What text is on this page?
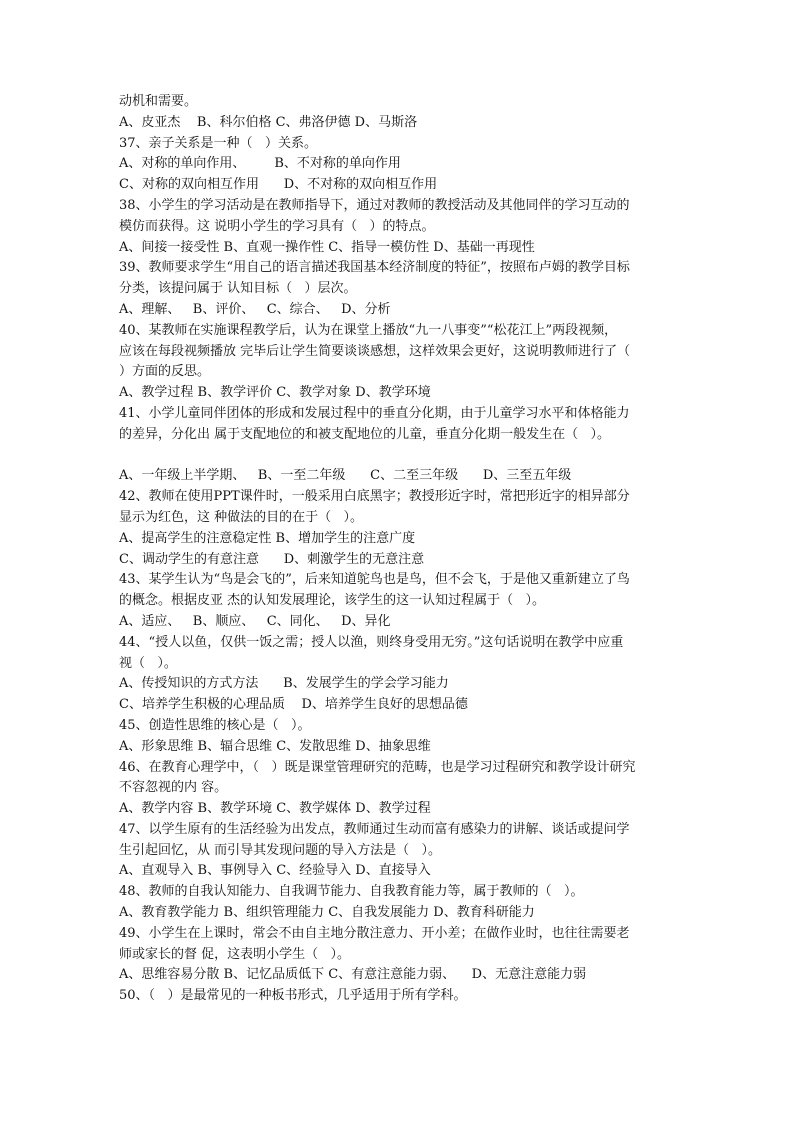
动机和需要。
A、皮亚杰    B、科尔伯格 C、弗洛伊德 D、马斯洛
37、亲子关系是一种（   ）关系。
A、对称的单向作用、       B、不对称的单向作用
C、对称的双向相互作用      D、不对称的双向相互作用
38、小学生的学习活动是在教师指导下，通过对教师的教授活动及其他同伴的学习互动的
模仿而获得。这 说明小学生的学习具有（   ）的特点。
A、间接一接受性 B、直观一操作性 C、指导一模仿性 D、基础一再现性
39、教师要求学生“用自己的语言描述我国基本经济制度的特征”，按照布卢姆的教学目标
分类，该提问属于 认知目标（   ）层次。
A、理解、   B、评价、   C、综合、   D、分析
40、某教师在实施课程教学后，认为在课堂上播放“九一八事变”“松花江上”两段视频，
应该在每段视频播放 完毕后让学生简要谈谈感想，这样效果会更好，这说明教师进行了（
）方面的反思。
A、教学过程 B、教学评价 C、教学对象 D、教学环境
41、小学儿童同伴团体的形成和发展过程中的垂直分化期，由于儿童学习水平和体格能力
的差异，分化出 属于支配地位的和被支配地位的儿童，垂直分化期一般发生在（   ）。
A、一年级上半学期、   B、一至二年级      C、二至三年级      D、三至五年级
42、教师在使用PPT课件时，一般采用白底黑字；教授形近字时，常把形近字的相异部分
显示为红色，这 种做法的目的在于（   ）。
A、提高学生的注意稳定性 B、增加学生的注意广度
C、调动学生的有意注意      D、刺激学生的无意注意
43、某学生认为“鸟是会飞的”，后来知道鸵鸟也是鸟，但不会飞，于是他又重新建立了鸟
的概念。根据皮亚 杰的认知发展理论，该学生的这一认知过程属于（   ）。
A、适应、   B、顺应、   C、同化、   D、异化
44、“授人以鱼，仅供一饭之需；授人以渔，则终身受用无穷。”这句话说明在教学中应重
视（   ）。
A、传授知识的方式方法      B、发展学生的学会学习能力
C、培养学生积极的心理品质    D、培养学生良好的思想品德
45、创造性思维的核心是（   ）。
A、形象思维 B、辐合思维 C、发散思维 D、抽象思维
46、在教育心理学中，（   ）既是课堂管理研究的范畴，也是学习过程研究和教学设计研究
不容忽视的内 容。
A、教学内容 B、教学环境 C、教学媒体 D、教学过程
47、以学生原有的生活经验为出发点，教师通过生动而富有感染力的讲解、谈话或提问学
生引起回忆，从 而引导其发现问题的导入方法是（   ）。
A、直观导入 B、事例导入 C、经验导入 D、直接导入
48、教师的自我认知能力、自我调节能力、自我教育能力等，属于教师的（   ）。
A、教育教学能力 B、组织管理能力 C、自我发展能力 D、教育科研能力
49、小学生在上课时，常会不由自主地分散注意力、开小差；在做作业时，也往往需要老
师或家长的督 促，这表明小学生（   ）。
A、思维容易分散 B、记忆品质低下 C、有意注意能力弱、    D、无意注意能力弱
50、（   ）是最常见的一种板书形式，几乎适用于所有学科。
